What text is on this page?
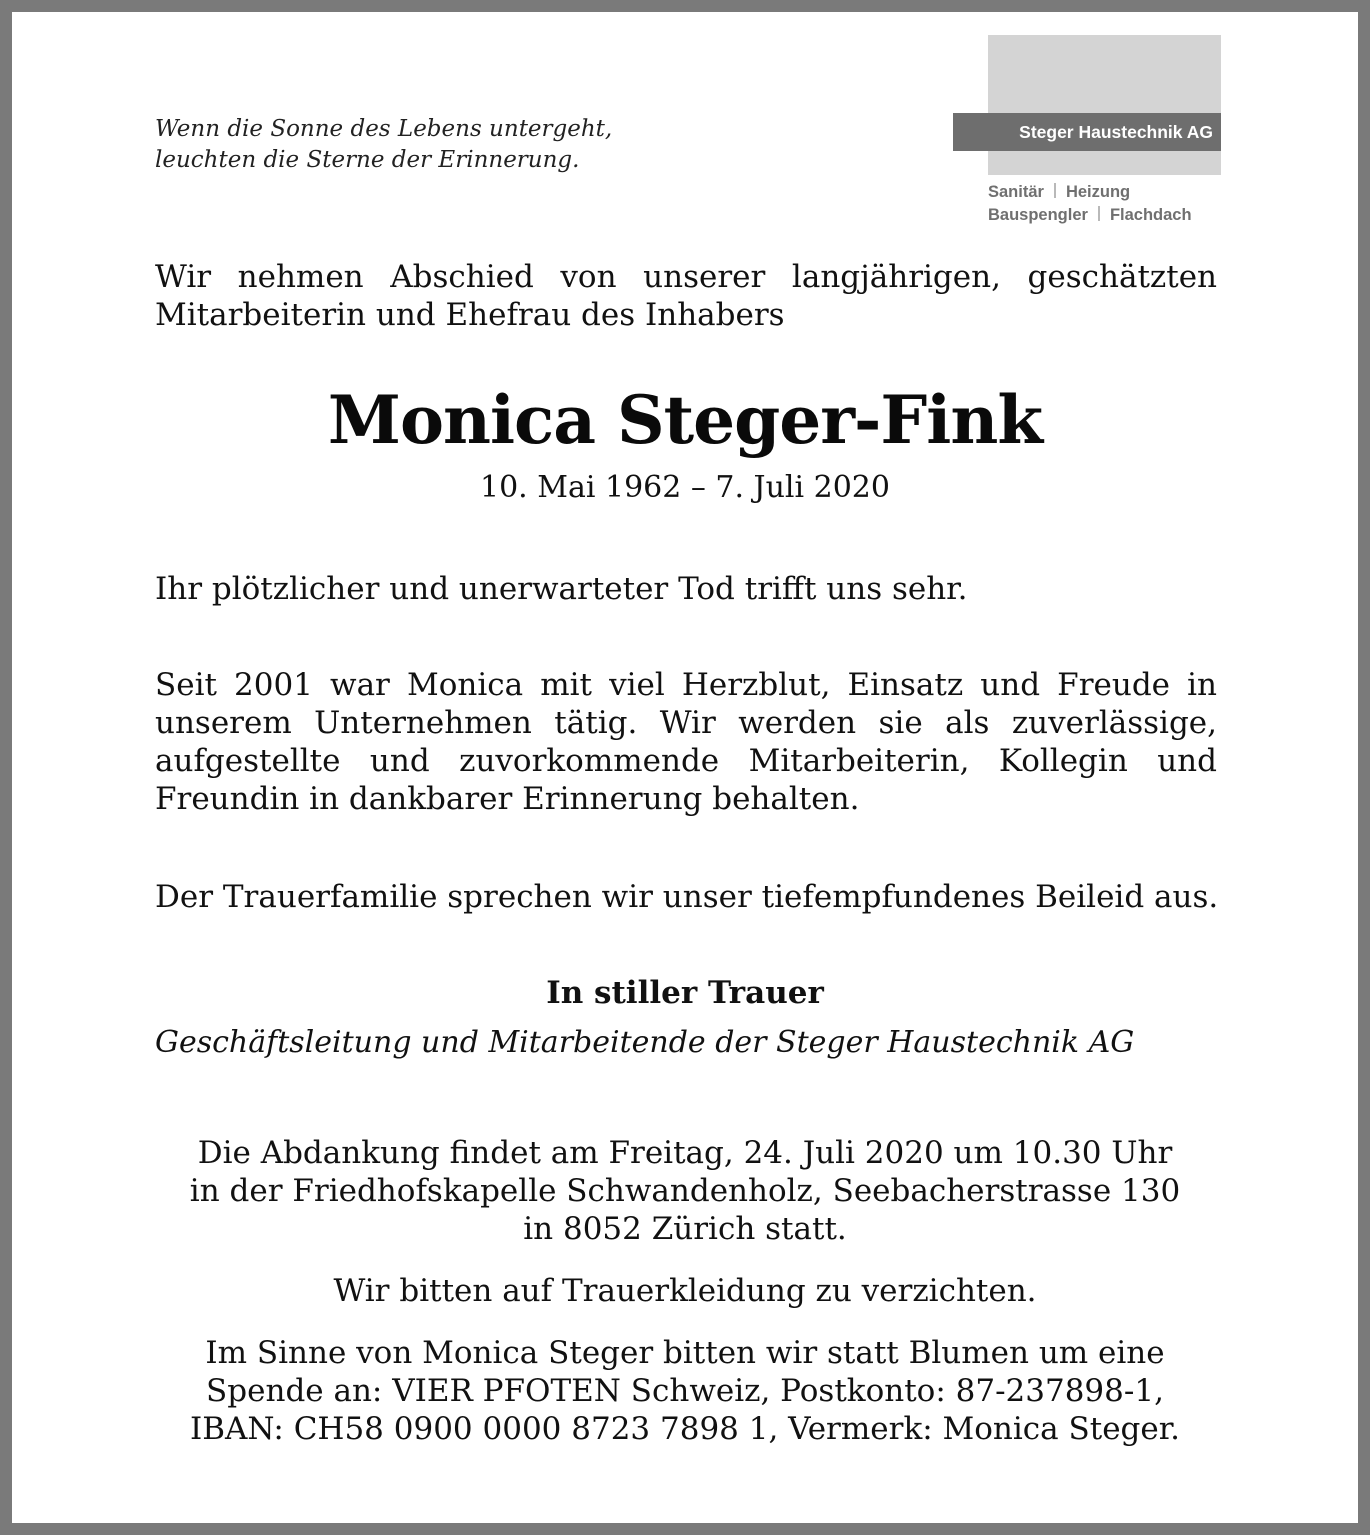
Wenn die Sonne des Lebens untergeht,
leuchten die Sterne der Erinnerung.
Steger Haustechnik AG
Sanitär Heizung
Bauspengler Flachdach
Wir nehmen Abschied von unserer langjährigen, geschätzten Mitarbeiterin und Ehefrau des Inhabers
Monica Steger-Fink
10. Mai 1962 – 7. Juli 2020
Ihr plötzlicher und unerwarteter Tod trifft uns sehr.
Seit 2001 war Monica mit viel Herzblut, Einsatz und Freude in unserem Unternehmen tätig. Wir werden sie als zuverlässige, aufgestellte und zuvorkommende Mitarbeiterin, Kollegin und Freundin in dankbarer Erinnerung behalten.
Der Trauerfamilie sprechen wir unser tiefempfundenes Beileid aus.
In stiller Trauer
Geschäftsleitung und Mitarbeitende der Steger Haustechnik AG
Die Abdankung findet am Freitag, 24. Juli 2020 um 10.30 Uhr
in der Friedhofskapelle Schwandenholz, Seebacherstrasse 130
in 8052 Zürich statt.
Wir bitten auf Trauerkleidung zu verzichten.
Im Sinne von Monica Steger bitten wir statt Blumen um eine
Spende an: VIER PFOTEN Schweiz, Postkonto: 87-237898-1,
IBAN: CH58 0900 0000 8723 7898 1, Vermerk: Monica Steger.
